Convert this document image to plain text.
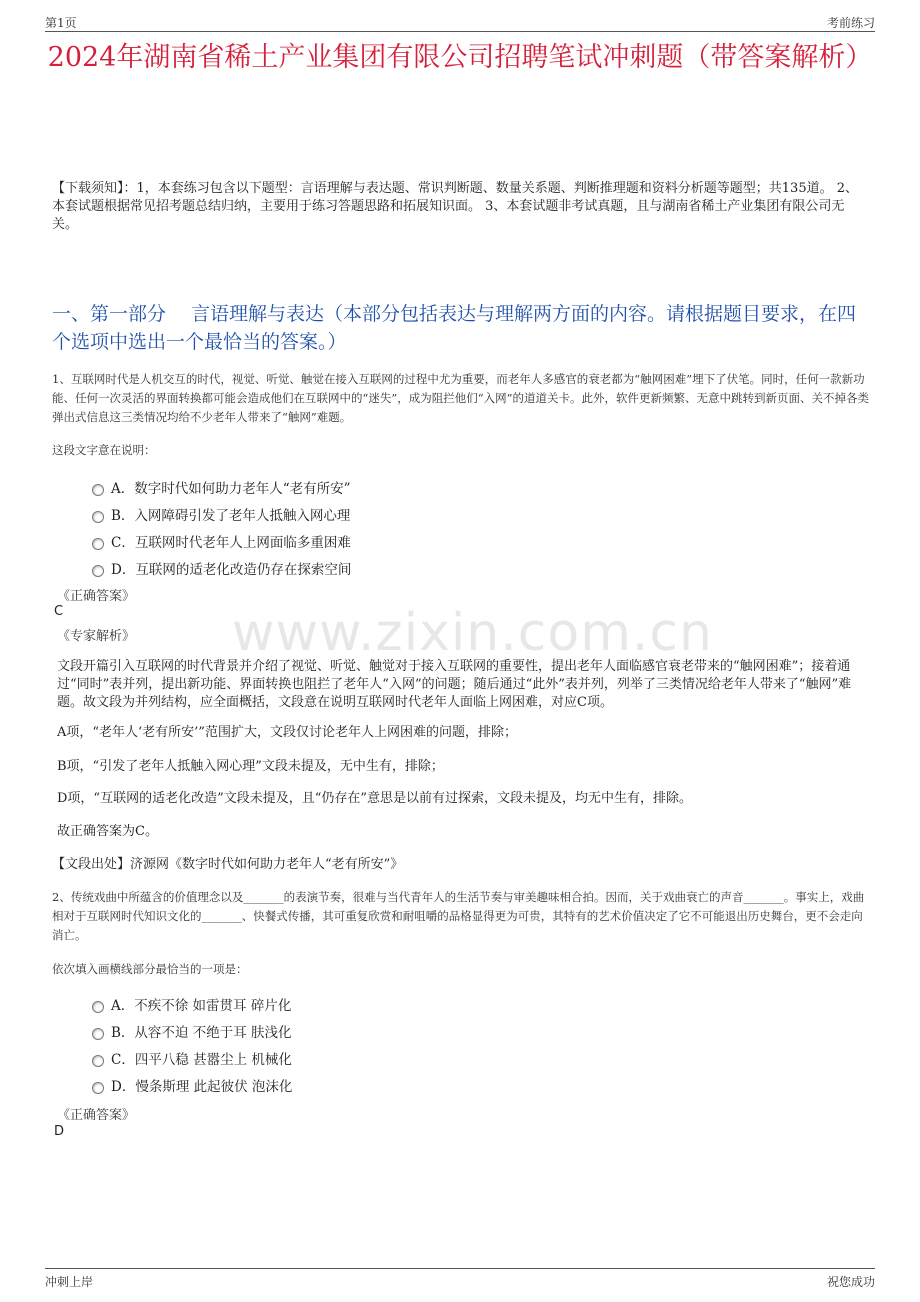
第1页	考前练习
2024年湖南省稀土产业集团有限公司招聘笔试冲刺题（带答案解析）
【下载须知】：1，本套练习包含以下题型：言语理解与表达题、常识判断题、数量关系题、判断推理题和资料分析题等题型；共135道。 2、本套试题根据常见招考题总结归纳，主要用于练习答题思路和拓展知识面。 3、本套试题非考试真题，且与湖南省稀土产业集团有限公司无关。
一、第一部分　 言语理解与表达（本部分包括表达与理解两方面的内容。请根据题目要求，在四个选项中选出一个最恰当的答案。）
1、互联网时代是人机交互的时代，视觉、听觉、触觉在接入互联网的过程中尤为重要，而老年人多感官的衰老都为“触网困难”埋下了伏笔。同时，任何一款新功能、任何一次灵活的界面转换都可能会造成他们在互联网中的“迷失”，成为阻拦他们“入网”的道道关卡。此外，软件更新频繁、无意中跳转到新页面、关不掉各类弹出式信息这三类情况均给不少老年人带来了“触网”难题。
这段文字意在说明：
A．数字时代如何助力老年人“老有所安”
B．入网障碍引发了老年人抵触入网心理
C．互联网时代老年人上网面临多重困难
D．互联网的适老化改造仍存在探索空间
《正确答案》
C
《专家解析》 www.zixin.com.cn
文段开篇引入互联网的时代背景并介绍了视觉、听觉、触觉对于接入互联网的重要性，提出老年人面临感官衰老带来的“触网困难”；接着通过“同时”表并列，提出新功能、界面转换也阻拦了老年人“入网”的问题；随后通过“此外”表并列，列举了三类情况给老年人带来了“触网”难题。故文段为并列结构，应全面概括，文段意在说明互联网时代老年人面临上网困难，对应C项。
A项，“老年人‘老有所安’”范围扩大，文段仅讨论老年人上网困难的问题，排除；
B项，“引发了老年人抵触入网心理”文段未提及，无中生有，排除；
D项，“互联网的适老化改造”文段未提及，且“仍存在”意思是以前有过探索，文段未提及，均无中生有，排除。
故正确答案为C。
【文段出处】济源网《数字时代如何助力老年人“老有所安”》
2、传统戏曲中所蕴含的价值理念以及_______的表演节奏，很难与当代青年人的生活节奏与审美趣味相合拍。因而，关于戏曲衰亡的声音_______。事实上，戏曲相对于互联网时代知识文化的_______、快餐式传播，其可重复欣赏和耐咀嚼的品格显得更为可贵，其特有的艺术价值决定了它不可能退出历史舞台，更不会走向消亡。
依次填入画横线部分最恰当的一项是：
A．不疾不徐 如雷贯耳 碎片化
B．从容不迫 不绝于耳 肤浅化
C．四平八稳 甚嚣尘上 机械化
D．慢条斯理 此起彼伏 泡沫化
《正确答案》
D
冲刺上岸	祝您成功
